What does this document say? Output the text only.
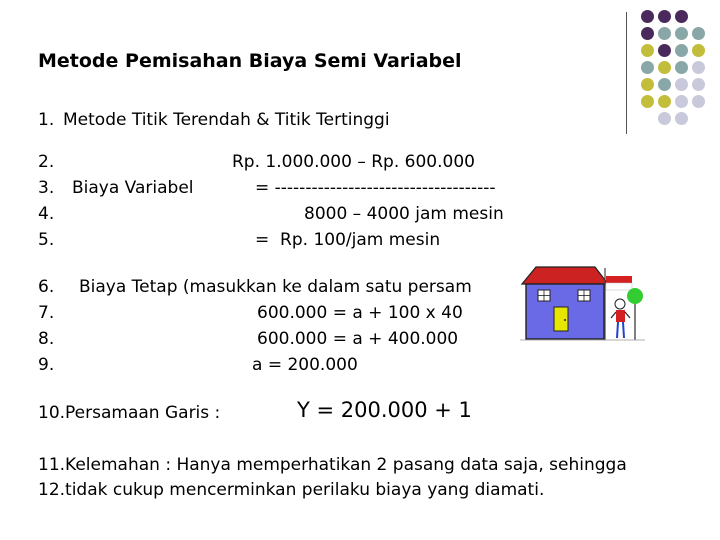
Metode Pemisahan Biaya Semi Variabel
1. Metode Titik Terendah & Titik Tertinggi
2.	Rp. 1.000.000 – Rp. 600.000
3. Biaya Variabel	= ------------------------------------
4.	8000 – 4000 jam mesin
5.	=  Rp. 100/jam mesin
6. Biaya Tetap (masukkan ke dalam satu persam
7.	600.000 = a + 100 x 40
8.	600.000 = a + 400.000
9.	a = 200.000
10.Persamaan Garis :	Y = 200.000 + 1
11.Kelemahan : Hanya memperhatikan 2 pasang data saja, sehingga
12.tidak cukup mencerminkan perilaku biaya yang diamati.
